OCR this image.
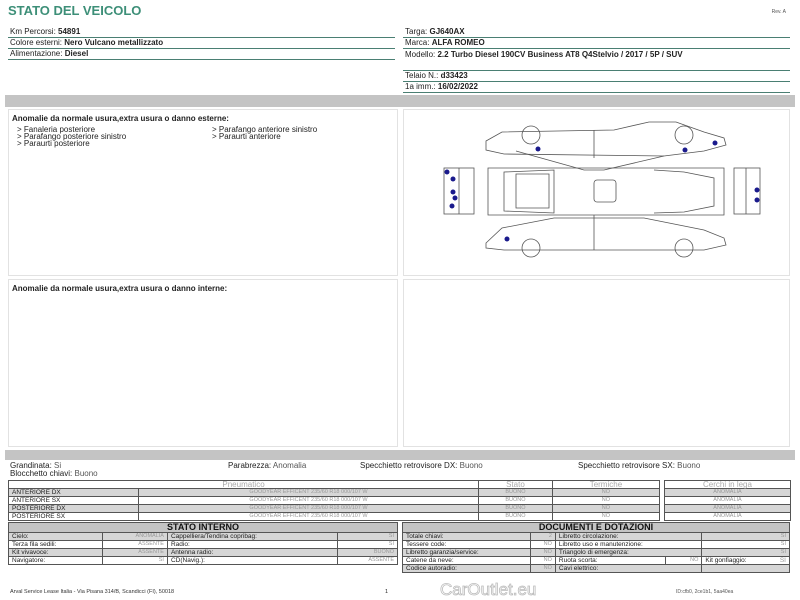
STATO DEL VEICOLO	Rev. A
Km Percorsi: 54891
Colore esterni: Nero Vulcano metallizzato
Alimentazione: Diesel
Targa: GJ640AX
Marca: ALFA ROMEO
Modello: 2.2 Turbo Diesel 190CV Business AT8 Q4Stelvio / 2017 / 5P / SUV
Telaio N.: d33423
1a imm.: 16/02/2022
Anomalie da normale usura,extra usura o danno esterne:
> Fanaleria posteriore	> Parafango anteriore sinistro
> Parafango posteriore sinistro	> Paraurti anteriore
> Paraurti posteriore
Anomalie da normale usura,extra usura o danno interne:
Grandinata: Si
Blocchetto chiavi: Buono
Parabrezza: Anomalia	Specchietto retrovisore DX: Buono	Specchietto retrovisore SX: Buono
Pneumatico		Stato	Termiche
ANTERIORE DX	GOODYEAR EFFICENT 235/60 R18 000/107 W	BUONO	NO
ANTERIORE SX	GOODYEAR EFFICENT 235/60 R18 000/107 W	BUONO	NO
POSTERIORE DX	GOODYEAR EFFICENT 235/60 R18 000/107 W	BUONO	NO
POSTERIORE SX	GOODYEAR EFFICENT 235/60 R18 000/107 W	BUONO	NO
Cerchi in lega
ANOMALIA
ANOMALIA
ANOMALIA
ANOMALIA
STATO INTERNO			
Cielo:	ANOMALIA	Cappelliera/Tendina copribag:	SI
Terza fila sedili:	ASSENTE	Radio:	SI
Kit vivavoce:	ASSENTE	Antenna radio:	BUONO
Navigatore:	SI	CD(Navig.):	ASSENTE
DOCUMENTI E DOTAZIONI				
Totale chiavi:	2	Libretto circolazione:		SI
Tessere code:	NO	Libretto uso e manutenzione:		SI
Libretto garanzia/service:	NO	Triangolo di emergenza:		SI
Catene da neve:	NO	Ruota scorta:	NO	Kit gonfiaggio: SI

Codice autoradio:	NO	Cavi elettrico:		
Arval Service Lease Italia - Via Pisana 314/B, Scandicci (FI), 50018	1	CarOutlet.eu	ID:cfb0, 2ce1b1, 5aa40ea
